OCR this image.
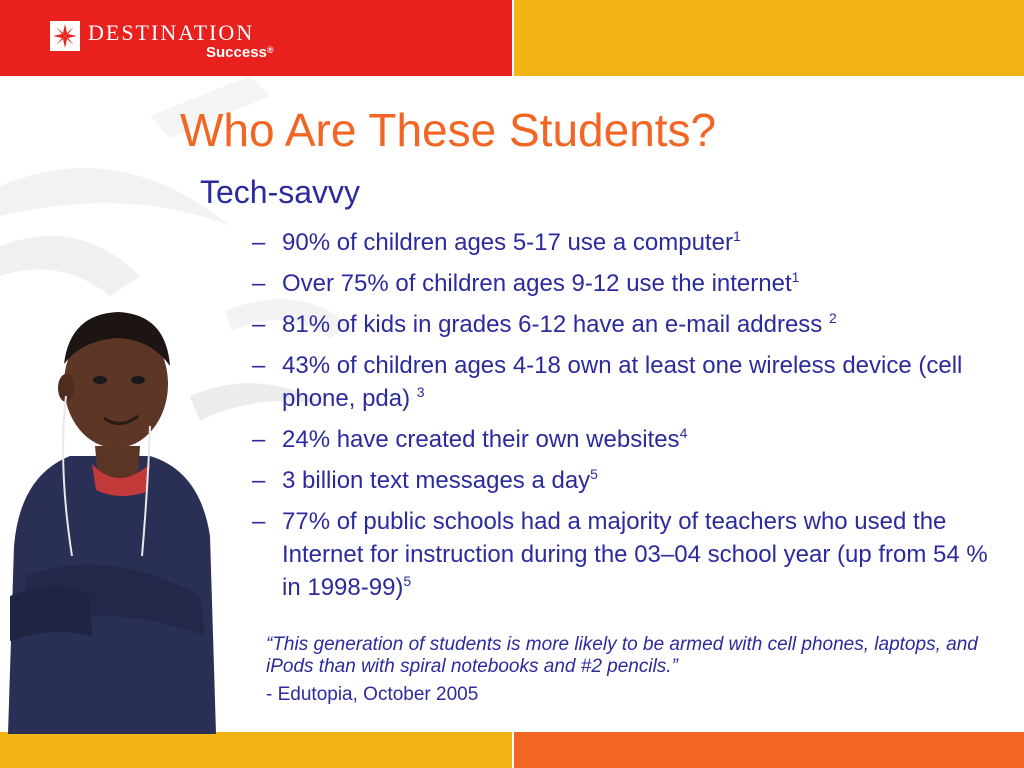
DESTINATION
Success®
Who Are These Students?
Tech-savvy
– 90% of children ages 5-17 use a computer$^1$
– Over 75% of children ages 9-12 use the internet$^1$
– 81% of kids in grades 6-12 have an e-mail address $^2$
– 43% of children ages 4-18 own at least one wireless device (cell phone, pda) $^3$
– 24% have created their own websites$^4$
– 3 billion text messages a day$^5$
– 77% of public schools had a majority of teachers who used the Internet for instruction during the 03–04 school year (up from 54 % in 1998-99)$^5$
“This generation of students is more likely to be armed with cell phones, laptops, and iPods than with spiral notebooks and #2 pencils.”
- Edutopia, October 2005
